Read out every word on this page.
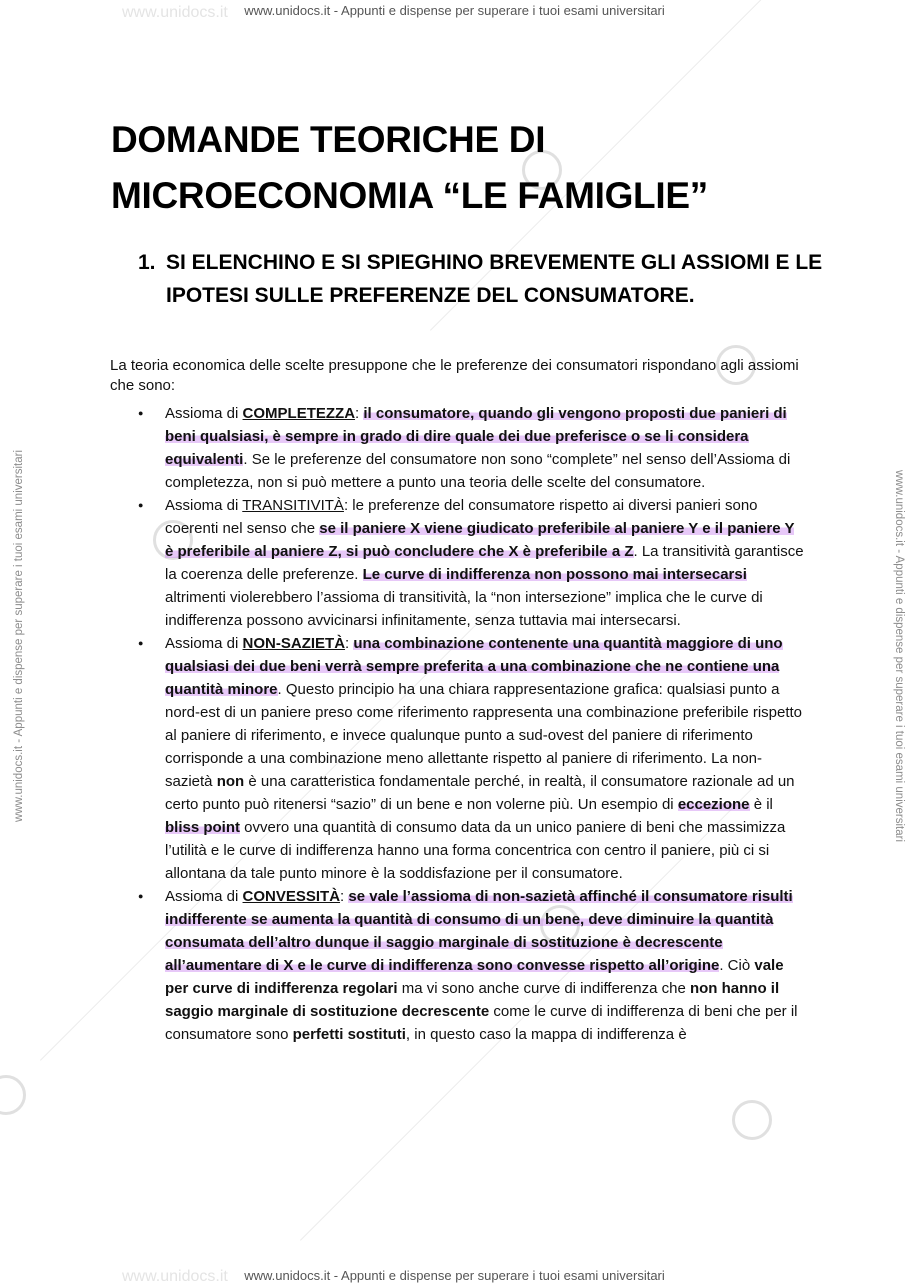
www.unidocs.it - Appunti e dispense per superare i tuoi esami universitari
www.unidocs.it - Appunti e dispense per superare i tuoi esami universitari
www.unidocs.it - Appunti e dispense per superare i tuoi esami universitari	www.unidocs.it - Appunti e dispense per superare i tuoi esami universitari
www.unidocs.it
www.unidocs.it
DOMANDE TEORICHE DI
MICROECONOMIA “LE FAMIGLIE”
1. SI ELENCHINO E SI SPIEGHINO BREVEMENTE GLI ASSIOMI E LE IPOTESI SULLE PREFERENZE DEL CONSUMATORE.

La teoria economica delle scelte presuppone che le preferenze dei consumatori rispondano agli assiomi che sono:

● Assioma di COMPLETEZZA: il consumatore, quando gli vengono proposti due panieri di beni qualsiasi, è sempre in grado di dire quale dei due preferisce o se li considera equivalenti. Se le preferenze del consumatore non sono “complete” nel senso dell’Assioma di completezza, non si può mettere a punto una teoria delle scelte del consumatore.
● Assioma di TRANSITIVITÀ: le preferenze del consumatore rispetto ai diversi panieri sono coerenti nel senso che se il paniere X viene giudicato preferibile al paniere Y e il paniere Y è preferibile al paniere Z, si può concludere che X è preferibile a Z. La transitività garantisce la coerenza delle preferenze. Le curve di indifferenza non possono mai intersecarsi altrimenti violerebbero l’assioma di transitività, la “non intersezione” implica che le curve di indifferenza possono avvicinarsi infinitamente, senza tuttavia mai intersecarsi.
● Assioma di NON-SAZIETÀ: una combinazione contenente una quantità maggiore di uno qualsiasi dei due beni verrà sempre preferita a una combinazione che ne contiene una quantità minore. Questo principio ha una chiara rappresentazione grafica: qualsiasi punto a nord-est di un paniere preso come riferimento rappresenta una combinazione preferibile rispetto al paniere di riferimento, e invece qualunque punto a sud-ovest del paniere di riferimento corrisponde a una combinazione meno allettante rispetto al paniere di riferimento. La non-sazietà non è una caratteristica fondamentale perché, in realtà, il consumatore razionale ad un certo punto può ritenersi “sazio” di un bene e non volerne più. Un esempio di eccezione è il bliss point ovvero una quantità di consumo data da un unico paniere di beni che massimizza l’utilità e le curve di indifferenza hanno una forma concentrica con centro il paniere, più ci si allontana da tale punto minore è la soddisfazione per il consumatore.
● Assioma di CONVESSITÀ: se vale l’assioma di non-sazietà affinché il consumatore risulti indifferente se aumenta la quantità di consumo di un bene, deve diminuire la quantità consumata dell’altro dunque il saggio marginale di sostituzione è decrescente all’aumentare di X e le curve di indifferenza sono convesse rispetto all’origine. Ciò vale per curve di indifferenza regolari ma vi sono anche curve di indifferenza che non hanno il saggio marginale di sostituzione decrescente come le curve di indifferenza di beni che per il consumatore sono perfetti sostituti, in questo caso la mappa di indifferenza è
